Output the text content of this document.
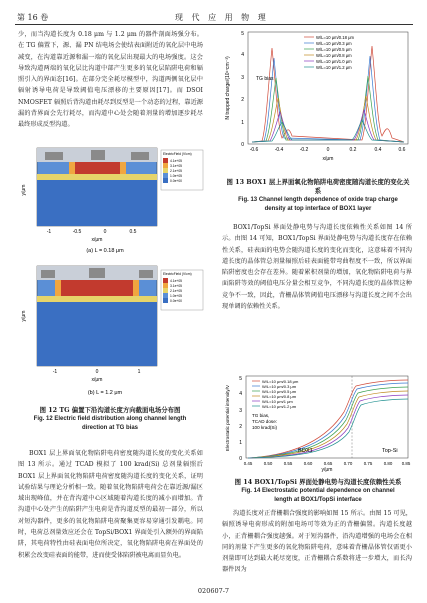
第 16 卷	现 代 应 用 物 理

少，而当沟道长度为 0.18 μm 与 1.2 μm 的器件剖面场强分布。在 TG 偏置下，源、漏 PN 结电场会使结表面附近的氧化层中电场减变，在沟道靠近源和漏一端的氧化层出现最大的电场强度。这会导致沟道两端的氧化层比沟道中部产生更多的氧化层陷阱电荷和辐照引入的界面态[16]。在部分完全耗尽模型中，沟道两侧氧化层中辐射诱导电荷是导致阈值电压漂移的主要原因[17]。而 DSOI NMOSFET 辐照后背沟道由耗尽到反型是一个动态的过程，靠近源漏的背界面会先行耗尽，而沟道中心处会随着剂量的增加逐步耗尽最终形成反型沟道。

ElectricField (V/cm)
4.1e+05
3.1e+05
2.1e+05
1.0e+05
0.0e+00
-1	-0.5	0	0.5
x/μm
y/μm
(a) L = 0.18 μm
ElectricField (V/cm)
4.1e+05
3.1e+05
2.1e+05
1.0e+05
0.0e+00
-1	0	1
x/μm
y/μm
(b) L = 1.2 μm
图 12 TG 偏置下沿沟道长度方向截面电场分布图
Fig. 12 Electric field distribution along channel length direction at TG bias

BOX1 层上界面氧化物陷阱电荷密度随沟道长度的变化关系如图 13 所示。通过 TCAD 模拟了 100 krad(Si) 总剂量辐照后 BOX1 层上界面氧化物陷阱电荷密度随沟道长度的变化关系，证明试验结果与理论分析相一致。随着氧化物陷阱电荷会在靠近源/漏区域出现峰值，并在背沟道中心区域随着沟道长度的减小而增加。背沟道中心处产生的陷阱产生电荷是背沟道反型的最初一部分，所以对短沟器件，更多的氧化物陷阱电荷聚集更容易穿通引发耦电。同时，电荷总剂量效应还会在 TopSi/BOX1 界面处引入额外的界面陷阱，其电荷特性由硅表面电位所决定，氧化物陷阱电荷在界面处的积累会改变硅表面的能带，进而使受体陷阱被电离而显负电。

0
1
2
3
4
5
-0.6	-0.4	-0.2	0	0.2	0.4	0.6
x/μm
N trapped charge/(10¹⁷cm⁻³)
W/L=10 μm/0.18 μm
W/L=10 μm/0.3 μm
W/L=10 μm/0.5 μm
W/L=10 μm/0.8 μm
W/L=10 μm/1.0 μm
W/L=10 μm/1.2 μm
TG bias
图 13 BOX1 层上界面氧化物陷阱电荷密度随沟道长度的变化关系
Fig. 13 Channel length dependence of oxide trap charge
density at top interface of BOX1 layer

BOX1/TopSi 界面处静电势与沟道长度依赖性关系如图 14 所示。由图 14 可知，BOX1/TopSi 界面处静电势与沟道长度存在依赖性关系，硅表面的电势会随沟道长度的变化而变化，这意味着不同沟道长度的晶体管总剂量辐照后硅表面能带弯曲程度不一致，所以界面陷阱密度也会存在差异。随着累积剂量的增加，氧化物陷阱电荷与界面陷阱等效的阈值电压分量会相互竞争，不同沟道长度的晶体管这种竞争不一致，因此，背栅晶体管阈值电压漂移与沟道长度之间不会出现单调的依赖性关系。

0
1
2
3
4
5
0.45	0.50	0.55	0.60	0.65	0.70	0.75	0.80 0.85
y/μm
Electrostatic potential intensity/V
W/L=10 μm/0.18 μm
W/L=10 μm/0.3 μm
W/L=10 μm/0.5 μm
W/L=10 μm/0.8 μm
W/L=10 μm/1 μm
W/L=10 μm/1.2 μm
TG bias,
TCAD dose:
100 krad(Si)
BOX1	Top-Si
图 14 BOX1/TopSi 界面处静电势与沟道长度依赖性关系
Fig. 14 Electrostatic potential dependence on channel
length at BOX1/TopSi interface

沟道长度对正背栅耦合强度的影响如图 15 所示。由图 15 可见，辐照诱导电荷形成的附加电场可等效为正的背栅偏置。沟道长度越小，正背栅耦合强度越强。对于短沟器件，沿沟道增强的电场会在相同的剂量下产生更多的氧化物陷阱电荷，意味着背栅晶体管仅需更小剂量即可达到最大耗尽宽度，正背栅耦合系数将进一步增大，而长沟器件因为

020607-7
